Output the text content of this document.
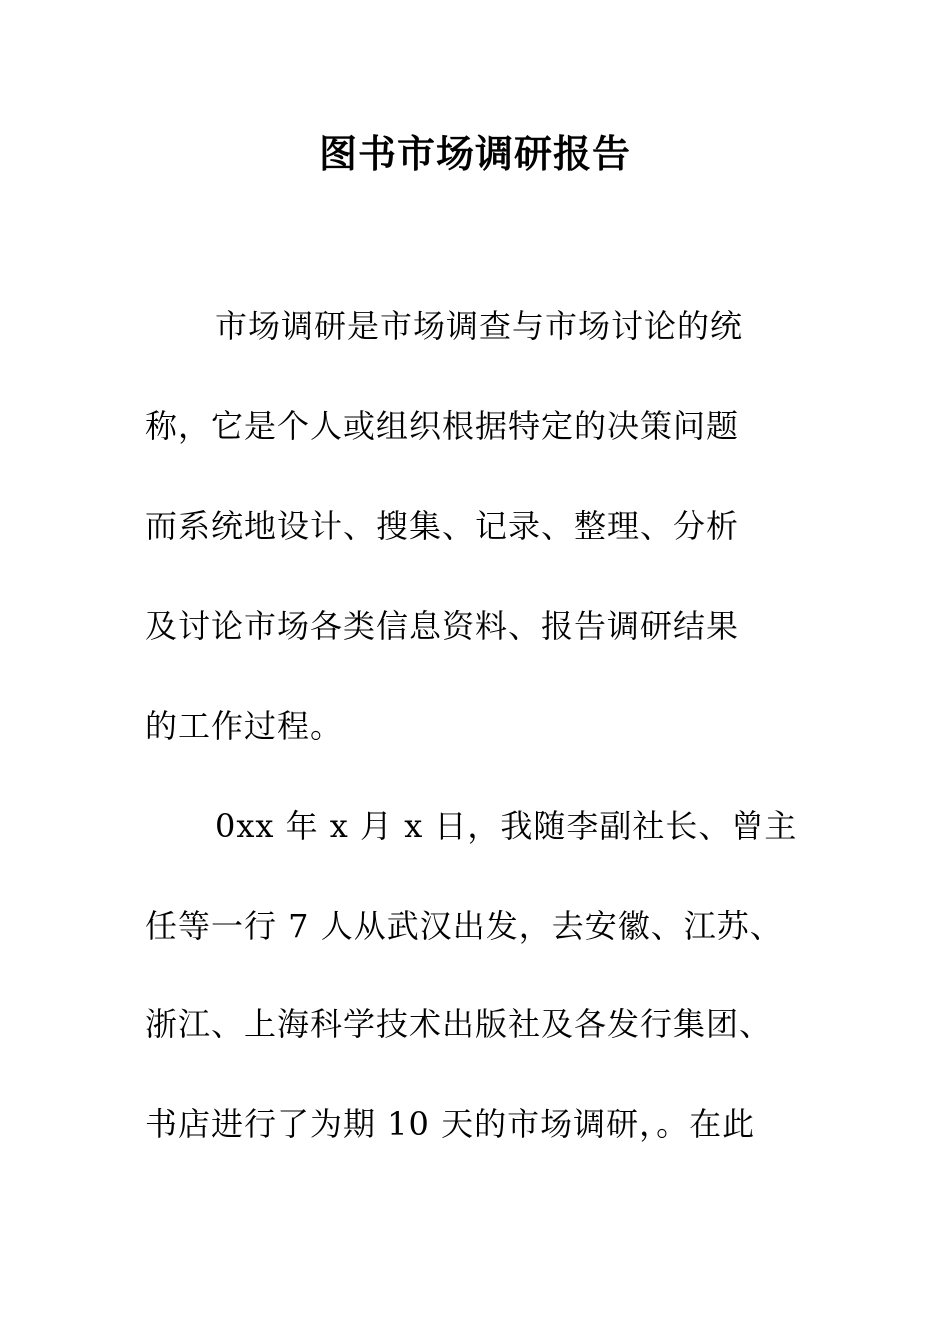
图书市场调研报告
市场调研是市场调查与市场讨论的统
称，它是个人或组织根据特定的决策问题
而系统地设计、搜集、记录、整理、分析
及讨论市场各类信息资料、报告调研结果
的工作过程。
0xx 年 x 月 x 日，我随李副社长、曾主
任等一行 7 人从武汉出发，去安徽、江苏、
浙江、上海科学技术出版社及各发行集团、
书店进行了为期 10 天的市场调研，。在此
